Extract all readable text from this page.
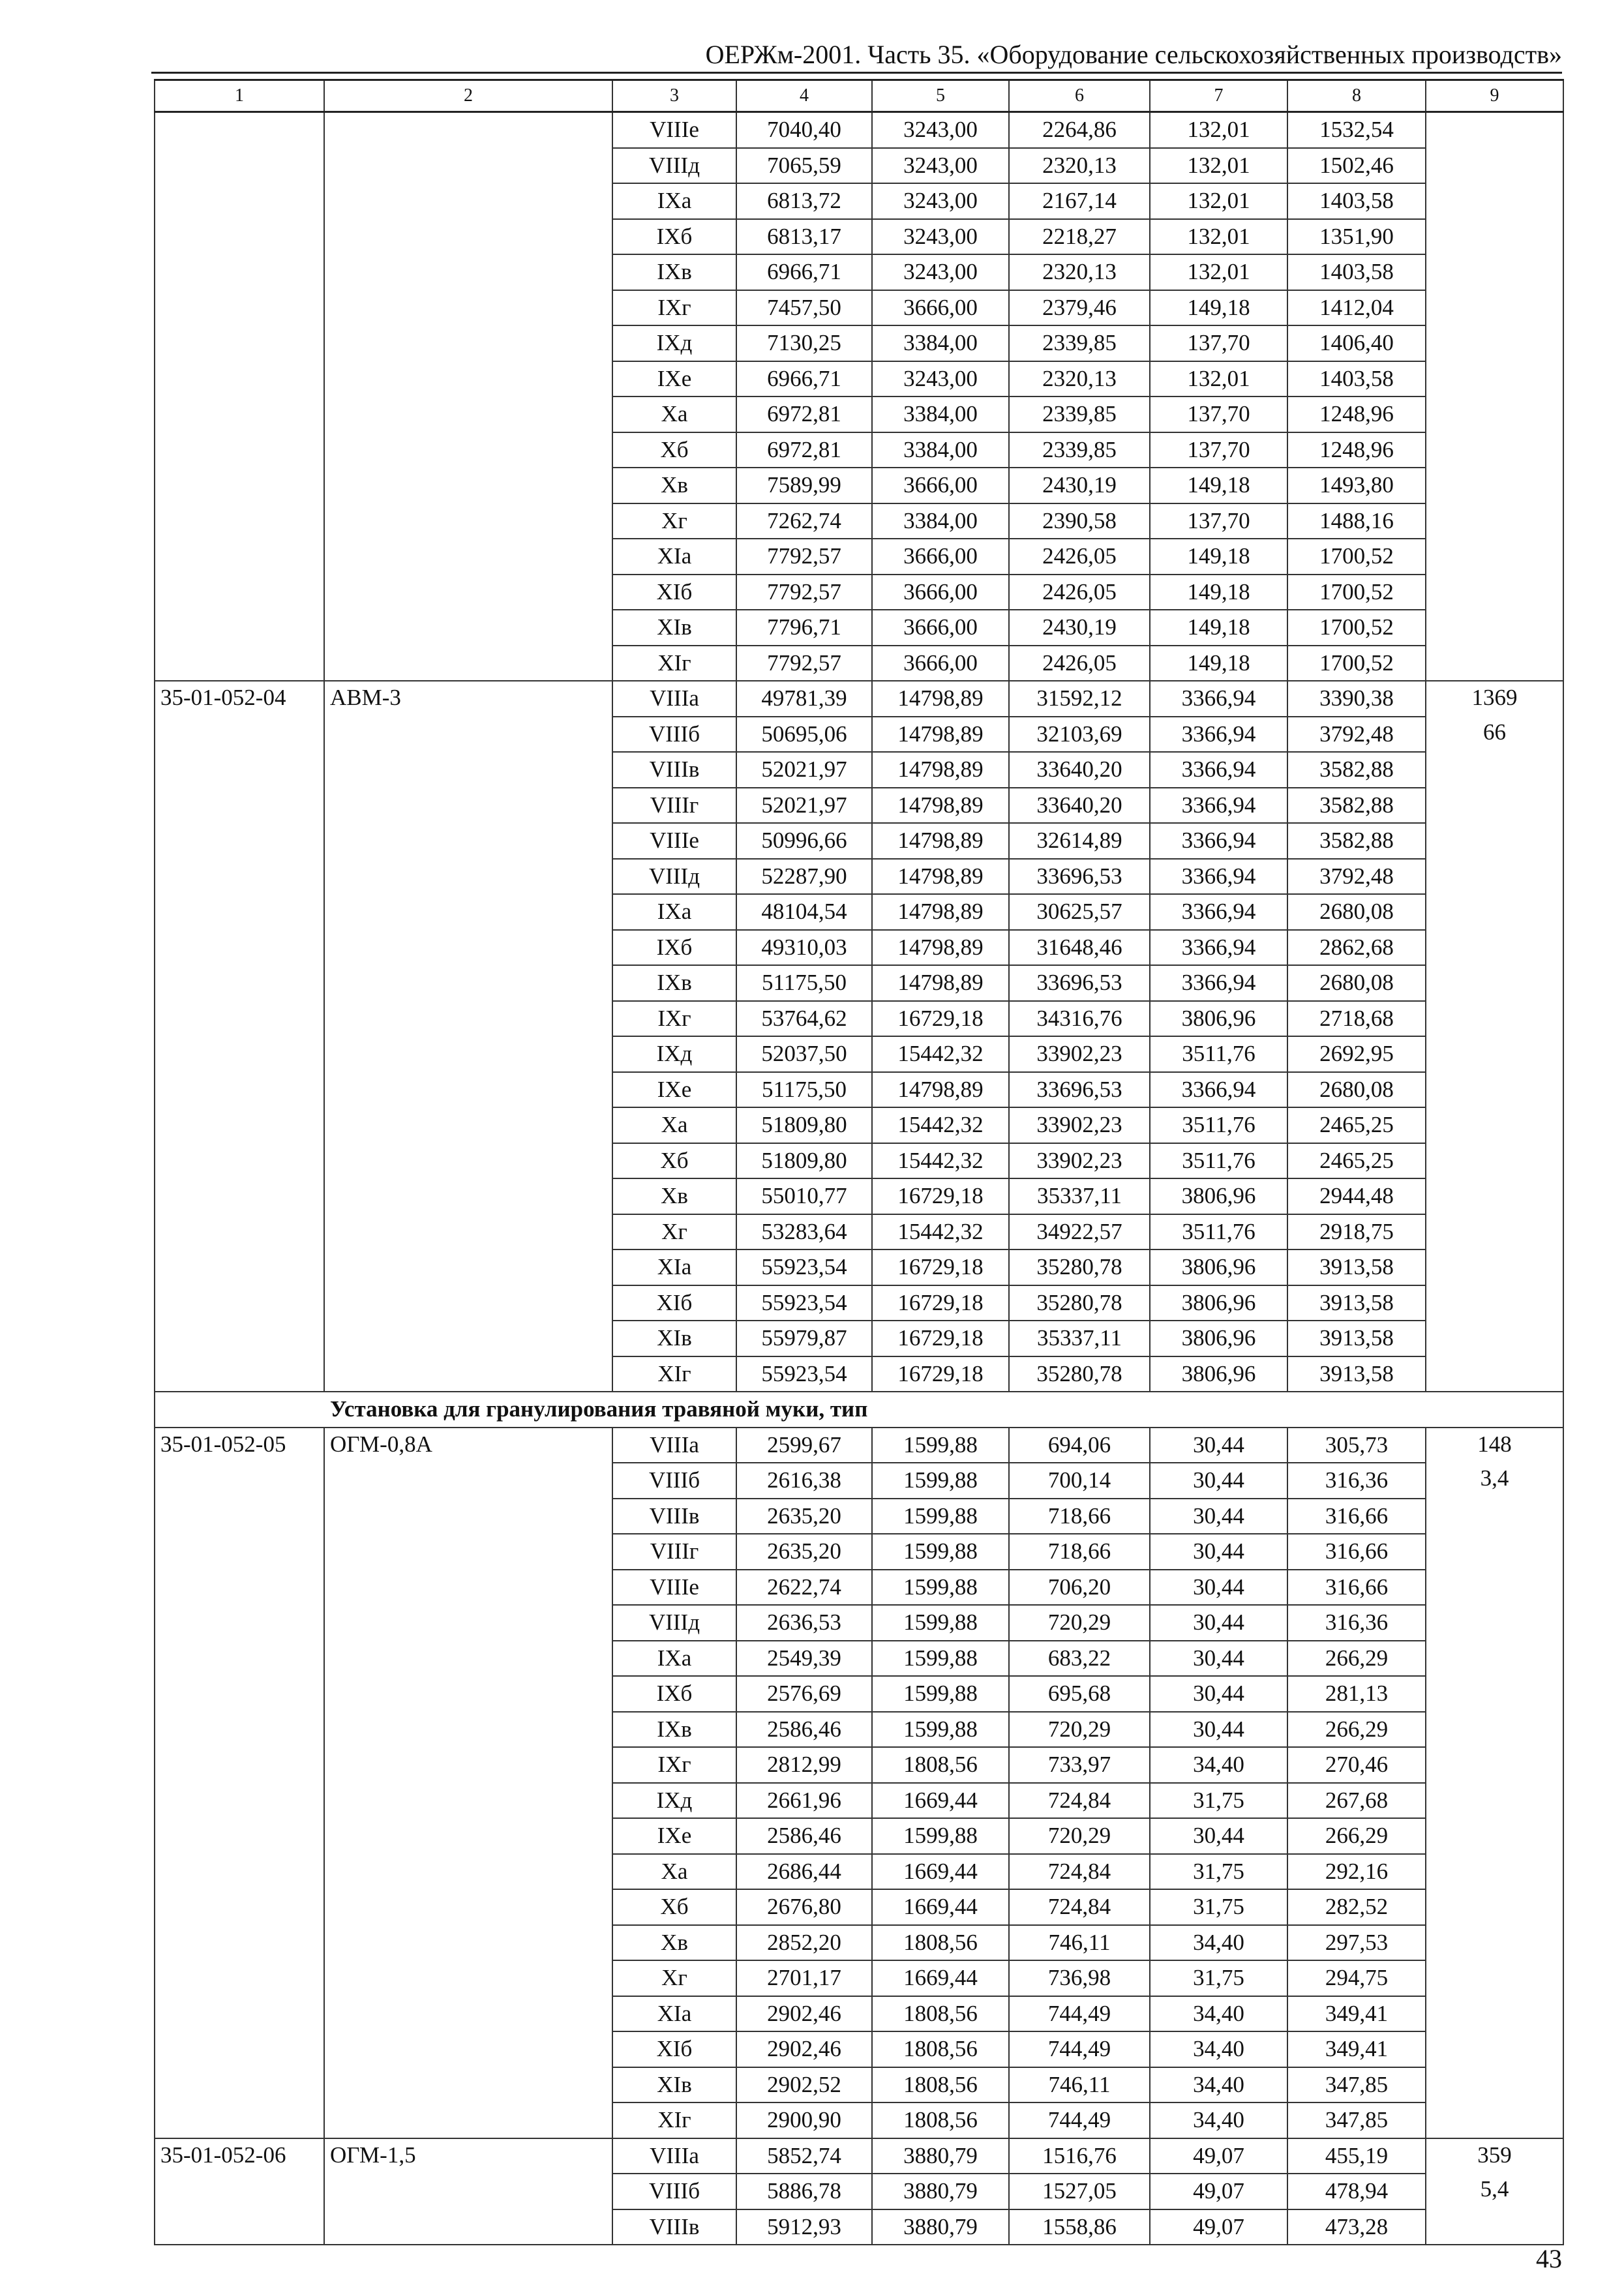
ОЕРЖм-2001. Часть 35. «Оборудование сельскохозяйственных производств»
1	2	3	4	5	6	7	8	9
		VIIIе	7040,40	3243,00	2264,86	132,01	1532,54	

		VIIIд	7065,59	3243,00	2320,13	132,01	1502,46	
		IXа	6813,72	3243,00	2167,14	132,01	1403,58	
		IXб	6813,17	3243,00	2218,27	132,01	1351,90	
		IXв	6966,71	3243,00	2320,13	132,01	1403,58	
		IXг	7457,50	3666,00	2379,46	149,18	1412,04	
		IXд	7130,25	3384,00	2339,85	137,70	1406,40	
		IXе	6966,71	3243,00	2320,13	132,01	1403,58	
		Xа	6972,81	3384,00	2339,85	137,70	1248,96	
		Xб	6972,81	3384,00	2339,85	137,70	1248,96	
		Xв	7589,99	3666,00	2430,19	149,18	1493,80	
		Xг	7262,74	3384,00	2390,58	137,70	1488,16	
		XIа	7792,57	3666,00	2426,05	149,18	1700,52	
		XIб	7792,57	3666,00	2426,05	149,18	1700,52	
		XIв	7796,71	3666,00	2430,19	149,18	1700,52	
		XIг	7792,57	3666,00	2426,05	149,18	1700,52	
35-01-052-04	АВМ-3	VIIIа	49781,39	14798,89	31592,12	3366,94	3390,38	1369
66

		VIIIб	50695,06	14798,89	32103,69	3366,94	3792,48	
		VIIIв	52021,97	14798,89	33640,20	3366,94	3582,88	
		VIIIг	52021,97	14798,89	33640,20	3366,94	3582,88	
		VIIIе	50996,66	14798,89	32614,89	3366,94	3582,88	
		VIIIд	52287,90	14798,89	33696,53	3366,94	3792,48	
		IXа	48104,54	14798,89	30625,57	3366,94	2680,08	
		IXб	49310,03	14798,89	31648,46	3366,94	2862,68	
		IXв	51175,50	14798,89	33696,53	3366,94	2680,08	
		IXг	53764,62	16729,18	34316,76	3806,96	2718,68	
		IXд	52037,50	15442,32	33902,23	3511,76	2692,95	
		IXе	51175,50	14798,89	33696,53	3366,94	2680,08	
		Xа	51809,80	15442,32	33902,23	3511,76	2465,25	
		Xб	51809,80	15442,32	33902,23	3511,76	2465,25	
		Xв	55010,77	16729,18	35337,11	3806,96	2944,48	
		Xг	53283,64	15442,32	34922,57	3511,76	2918,75	
		XIа	55923,54	16729,18	35280,78	3806,96	3913,58	
		XIб	55923,54	16729,18	35280,78	3806,96	3913,58	
		XIв	55979,87	16729,18	35337,11	3806,96	3913,58	
		XIг	55923,54	16729,18	35280,78	3806,96	3913,58	
	Установка для гранулирования травяной муки, тип							
35-01-052-05	ОГМ-0,8А	VIIIа	2599,67	1599,88	694,06	30,44	305,73	148
3,4

		VIIIб	2616,38	1599,88	700,14	30,44	316,36	
		VIIIв	2635,20	1599,88	718,66	30,44	316,66	
		VIIIг	2635,20	1599,88	718,66	30,44	316,66	
		VIIIе	2622,74	1599,88	706,20	30,44	316,66	
		VIIIд	2636,53	1599,88	720,29	30,44	316,36	
		IXа	2549,39	1599,88	683,22	30,44	266,29	
		IXб	2576,69	1599,88	695,68	30,44	281,13	
		IXв	2586,46	1599,88	720,29	30,44	266,29	
		IXг	2812,99	1808,56	733,97	34,40	270,46	
		IXд	2661,96	1669,44	724,84	31,75	267,68	
		IXе	2586,46	1599,88	720,29	30,44	266,29	
		Xа	2686,44	1669,44	724,84	31,75	292,16	
		Xб	2676,80	1669,44	724,84	31,75	282,52	
		Xв	2852,20	1808,56	746,11	34,40	297,53	
		Xг	2701,17	1669,44	736,98	31,75	294,75	
		XIа	2902,46	1808,56	744,49	34,40	349,41	
		XIб	2902,46	1808,56	744,49	34,40	349,41	
		XIв	2902,52	1808,56	746,11	34,40	347,85	
		XIг	2900,90	1808,56	744,49	34,40	347,85	
35-01-052-06	ОГМ-1,5	VIIIа	5852,74	3880,79	1516,76	49,07	455,19	359
5,4

		VIIIб	5886,78	3880,79	1527,05	49,07	478,94	
		VIIIв	5912,93	3880,79	1558,86	49,07	473,28	
43
